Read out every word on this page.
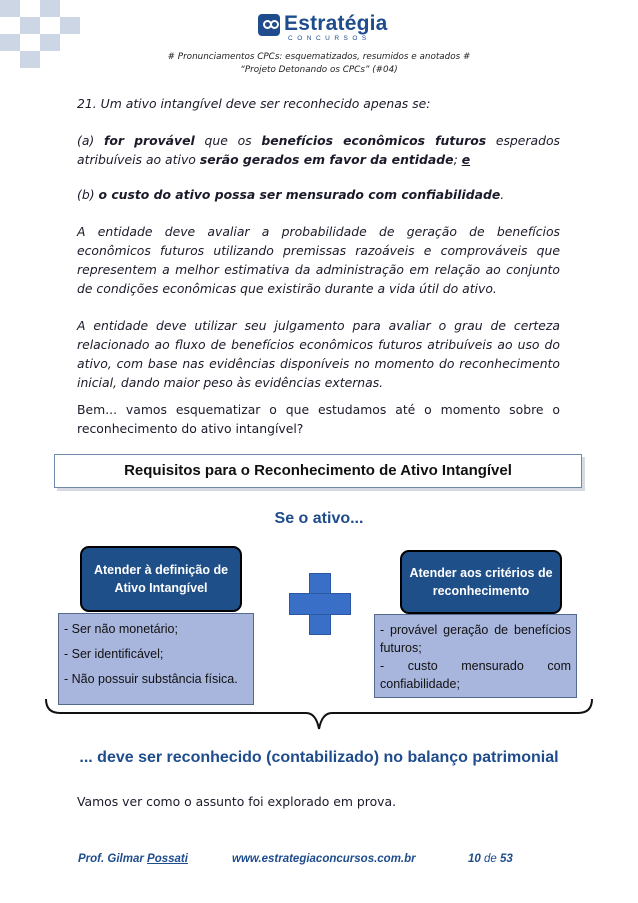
Estratégia
CONCURSOS
# Pronunciamentos CPCs: esquematizados, resumidos e anotados #
“Projeto Detonando os CPCs” (#04)
21. Um ativo intangível deve ser reconhecido apenas se:
(a) for provável que os benefícios econômicos futuros esperados atribuíveis ao ativo serão gerados em favor da entidade; e
(b) o custo do ativo possa ser mensurado com confiabilidade.
A entidade deve avaliar a probabilidade de geração de benefícios econômicos futuros utilizando premissas razoáveis e comprováveis que representem a melhor estimativa da administração em relação ao conjunto de condições econômicas que existirão durante a vida útil do ativo.
A entidade deve utilizar seu julgamento para avaliar o grau de certeza relacionado ao fluxo de benefícios econômicos futuros atribuíveis ao uso do ativo, com base nas evidências disponíveis no momento do reconhecimento inicial, dando maior peso às evidências externas.
Bem... vamos esquematizar o que estudamos até o momento sobre o reconhecimento do ativo intangível?
Requisitos para o Reconhecimento de Ativo Intangível
Se o ativo...
- Ser não monetário;
- Ser identificável;
- Não possuir substância física.
Atender à definição de Ativo Intangível
- provável geração de benefícios futuros;
- custo mensurado com confiabilidade;
Atender aos critérios de reconhecimento
... deve ser reconhecido (contabilizado) no balanço patrimonial
Vamos ver como o assunto foi explorado em prova.
Prof. Gilmar Possati	www.estrategiaconcursos.com.br	10 de 53
